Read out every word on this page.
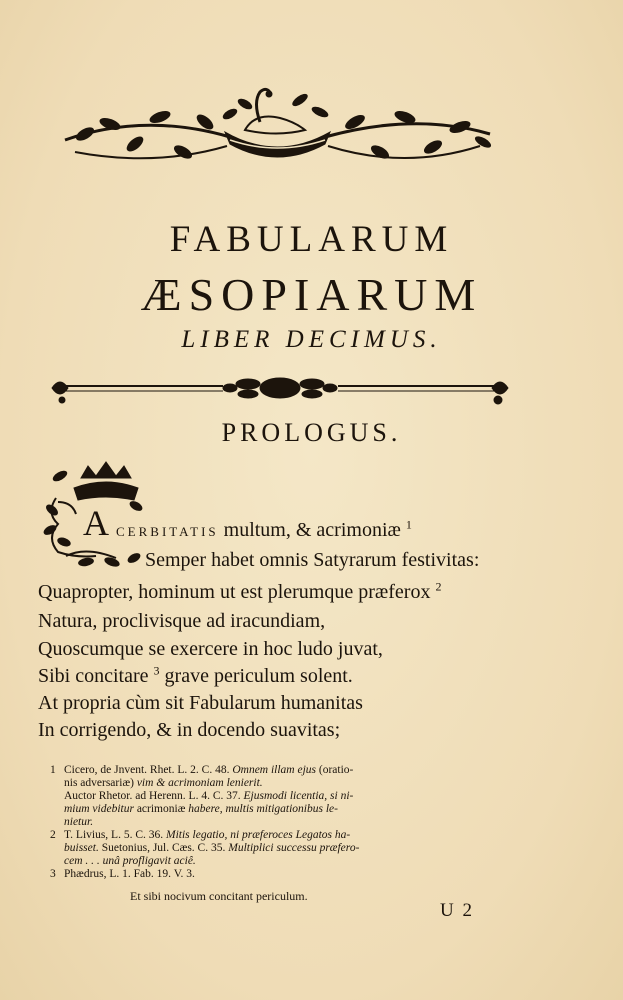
FABULARUM
ÆSOPIARUM
LIBER DECIMUS.
PROLOGUS.
A CERBITATIS multum, & acrimoniæ $^1$
Semper habet omnis Satyrarum festivitas:
Quapropter, hominum ut est plerumque præferox $^2$
Natura, proclivisque ad iracundiam,
Quoscumque se exercere in hoc ludo juvat,
Sibi concitare $^3$ grave periculum solent.
At propria cùm sit Fabularum humanitas
In corrigendo, & in docendo suavitas;

1 Cicero, de Jnvent. Rhet. L. 2. C. 48. Omnem illam ejus (oratio-
nis adversariæ) vim & acrimoniam lenierit.
Auctor Rhetor. ad Herenn. L. 4. C. 37. Ejusmodi licentia, si ni-
mium videbitur acrimoniæ habere, multis mitigationibus le-
nietur.

2 T. Livius, L. 5. C. 36. Mitis legatio, ni præferoces Legatos ha-
buisset. Suetonius, Jul. Cæs. C. 35. Multiplici successu præfero-
cem . . . unâ profligavit aciê.

3 Phædrus, L. 1. Fab. 19. V. 3.

Et sibi nocivum concitant periculum.
U 2
